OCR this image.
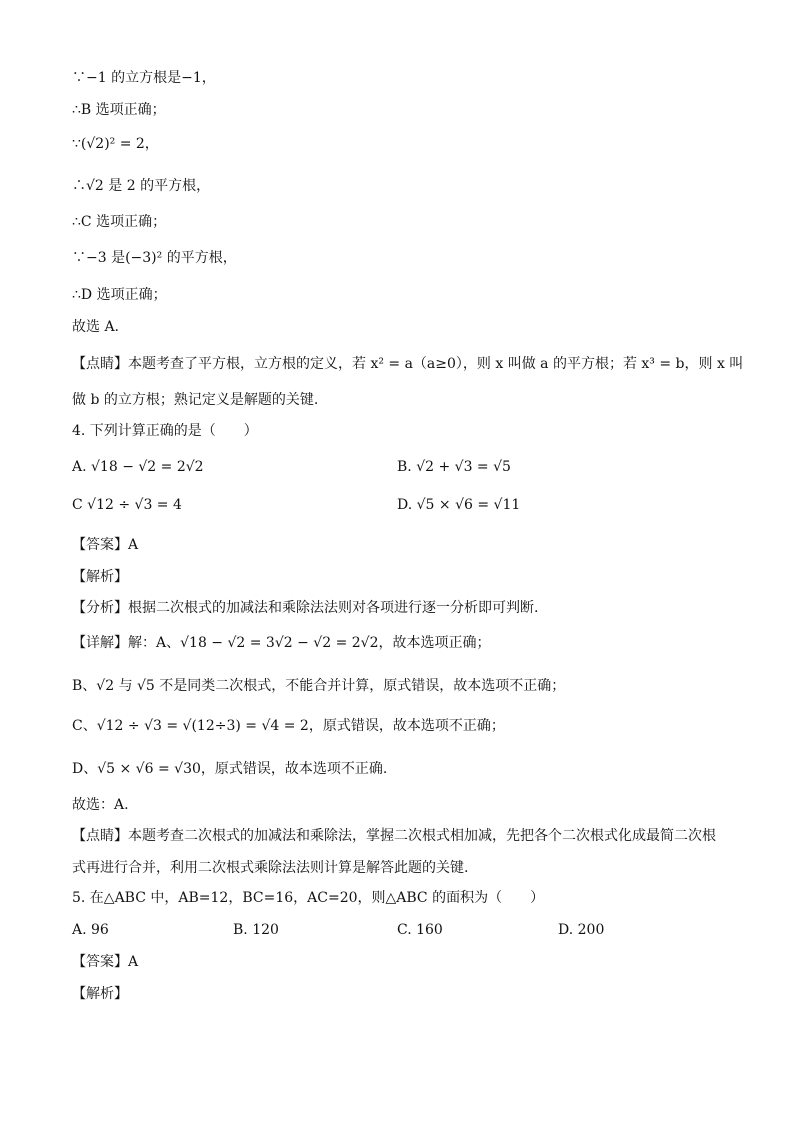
∵−1 的立方根是−1，
∴B 选项正确；
∵(√2)² = 2，
∴√2 是 2 的平方根，
∴C 选项正确；
∵−3 是(−3)² 的平方根，
∴D 选项正确；
故选 A.
【点睛】本题考查了平方根，立方根的定义，若 x² = a（a≥0），则 x 叫做 a 的平方根；若 x³ = b，则 x 叫
做 b 的立方根；熟记定义是解题的关键.
4. 下列计算正确的是（　　）
A. √18 − √2 = 2√2	B. √2 + √3 = √5
C √12 ÷ √3 = 4	D. √5 × √6 = √11
【答案】A
【解析】
【分析】根据二次根式的加减法和乘除法法则对各项进行逐一分析即可判断.
【详解】解：A、√18 − √2 = 3√2 − √2 = 2√2，故本选项正确；
B、√2 与 √5 不是同类二次根式，不能合并计算，原式错误，故本选项不正确；
C、√12 ÷ √3 = √(12÷3) = √4 = 2，原式错误，故本选项不正确；
D、√5 × √6 = √30，原式错误，故本选项不正确.
故选：A.
【点睛】本题考查二次根式的加减法和乘除法，掌握二次根式相加减，先把各个二次根式化成最简二次根
式再进行合并，利用二次根式乘除法法则计算是解答此题的关键.
5. 在△ABC 中，AB=12，BC=16，AC=20，则△ABC 的面积为（　　）
A. 96	B. 120	C. 160	D. 200
【答案】A
【解析】
